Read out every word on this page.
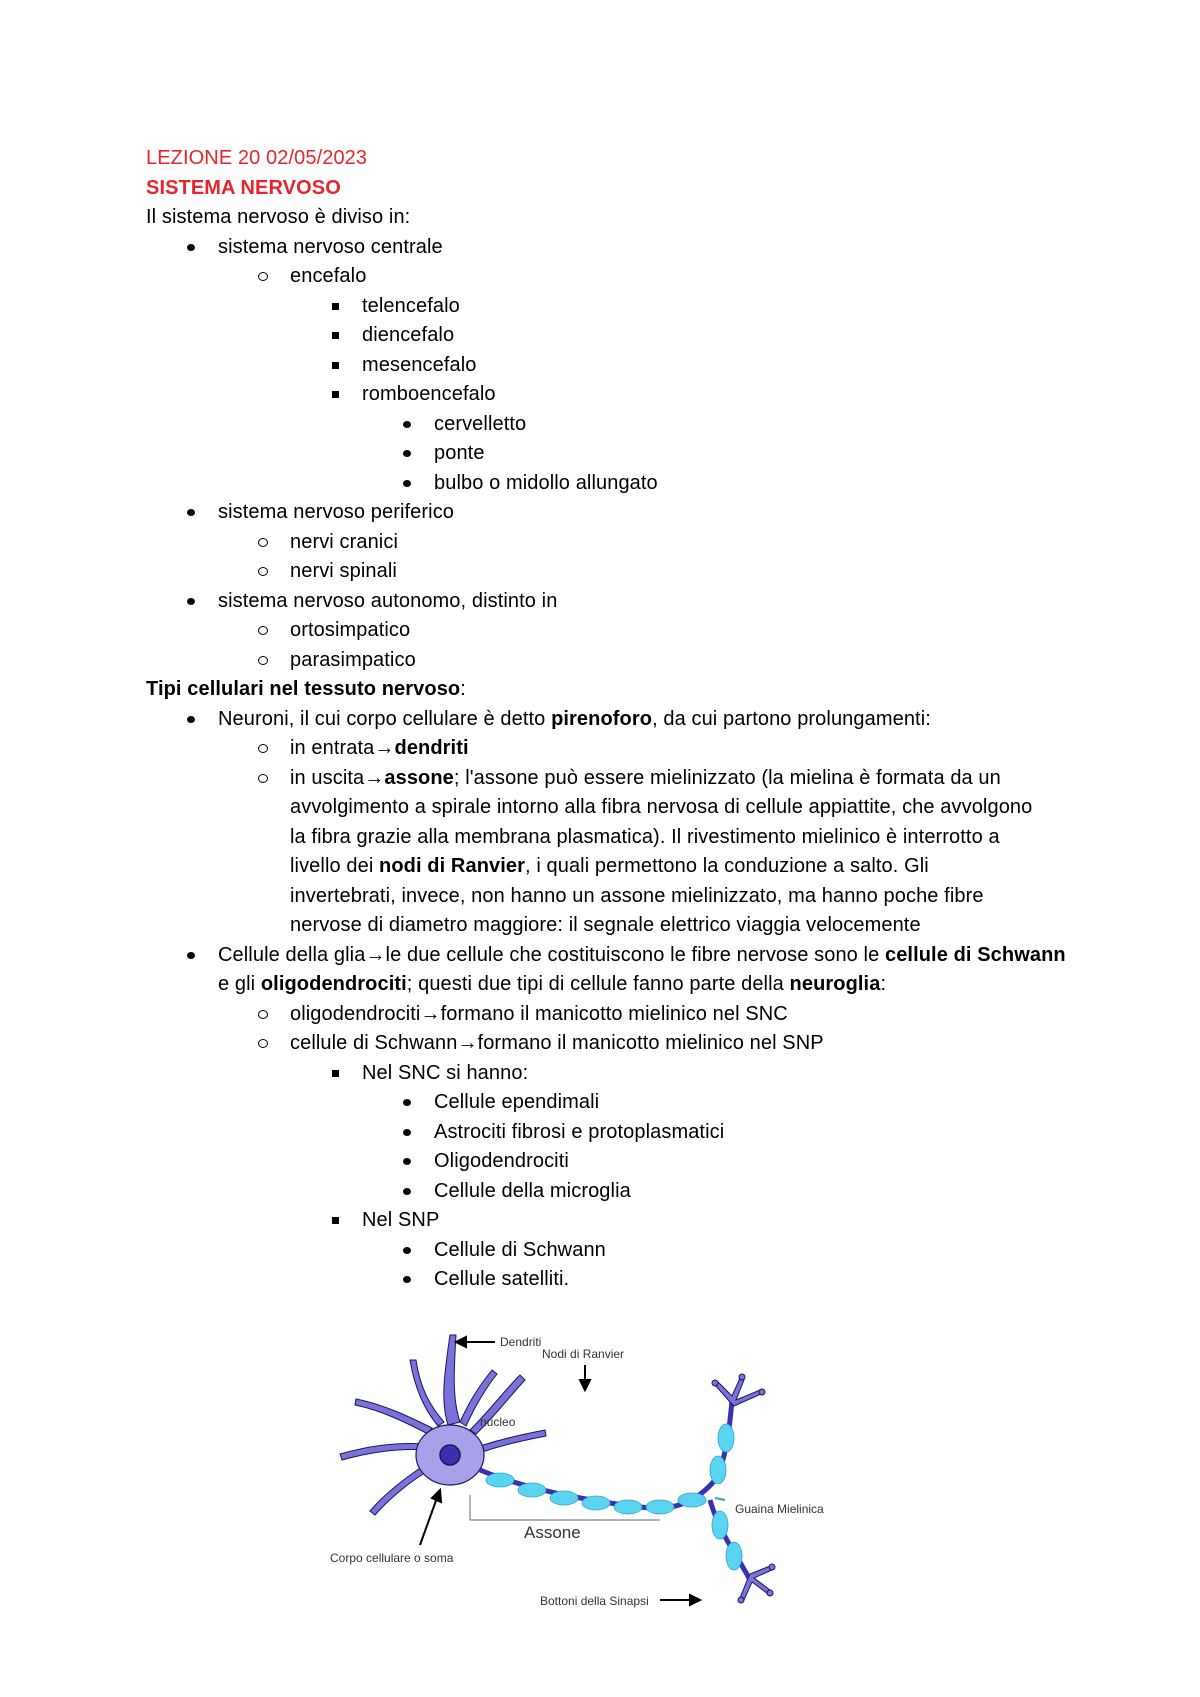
LEZIONE 20 02/05/2023

SISTEMA NERVOSO

Il sistema nervoso è diviso in:

sistema nervoso centrale
encefalo
telencefalo
diencefalo
mesencefalo
romboencefalo
cervelletto
ponte
bulbo o midollo allungato
sistema nervoso periferico
nervi cranici
nervi spinali
sistema nervoso autonomo, distinto in
ortosimpatico
parasimpatico

Tipi cellulari nel tessuto nervoso:

Neuroni, il cui corpo cellulare è detto pirenoforo, da cui partono prolungamenti:
in entrata→dendriti
in uscita→assone; l'assone può essere mielinizzato (la mielina è formata da un avvolgimento a spirale intorno alla fibra nervosa di cellule appiattite, che avvolgono la fibra grazie alla membrana plasmatica). Il rivestimento mielinico è interrotto a livello dei nodi di Ranvier, i quali permettono la conduzione a salto. Gli invertebrati, invece, non hanno un assone mielinizzato, ma hanno poche fibre nervose di diametro maggiore: il segnale elettrico viaggia velocemente
Cellule della glia→le due cellule che costituiscono le fibre nervose sono le cellule di Schwann e gli oligodendrociti; questi due tipi di cellule fanno parte della neuroglia:
oligodendrociti→formano il manicotto mielinico nel SNC
cellule di Schwann→formano il manicotto mielinico nel SNP
Nel SNC si hanno:
Cellule ependimali
Astrociti fibrosi e protoplasmatici
Oligodendrociti
Cellule della microglia
Nel SNP
Cellule di Schwann
Cellule satelliti.
Dendriti
nucleo
Nodi di Ranvier
Guaina Mielinica
Assone
Corpo cellulare o soma
Bottoni della Sinapsi
